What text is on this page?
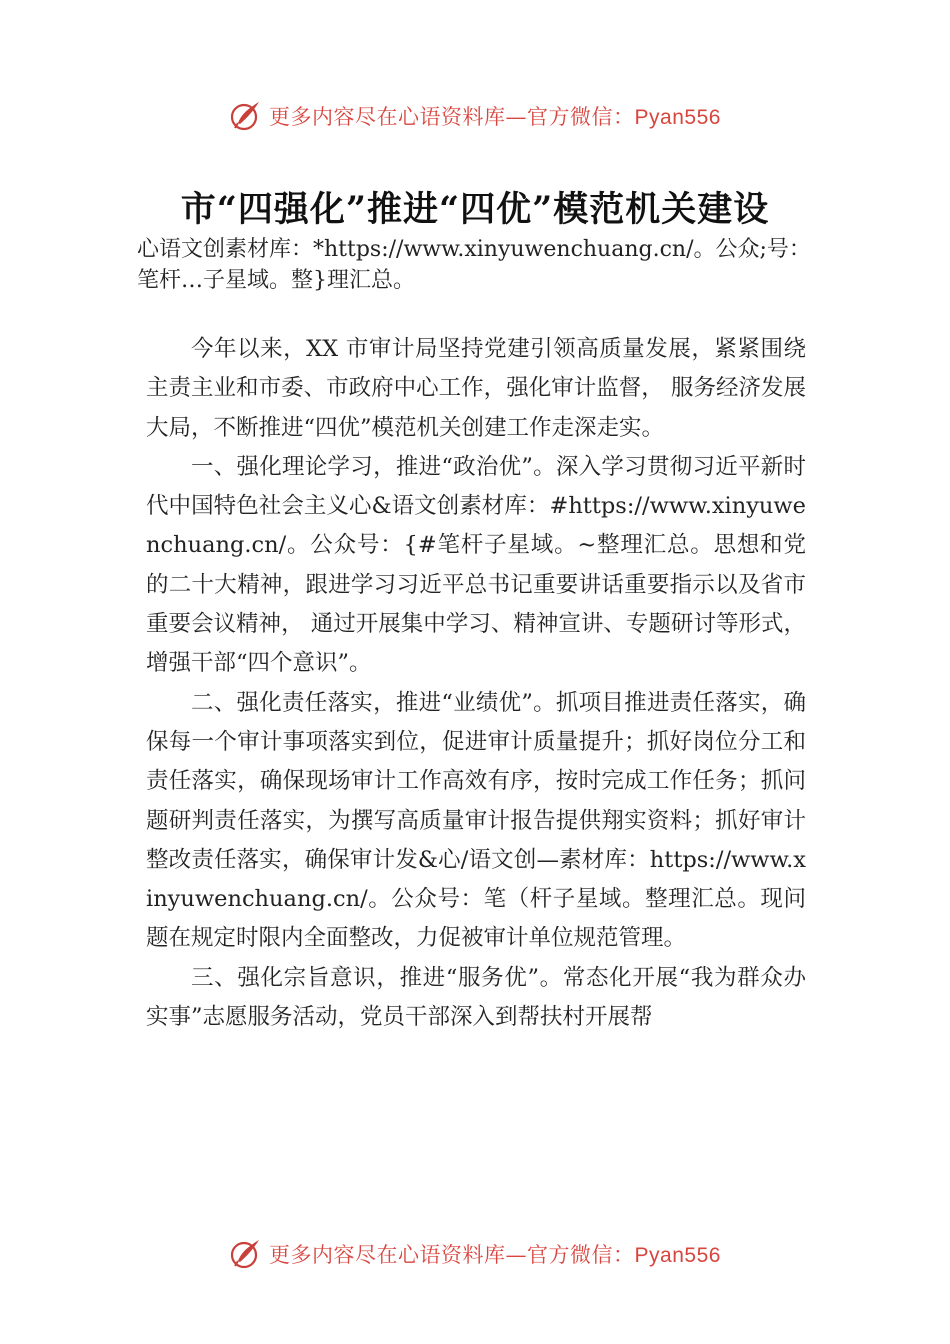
更多内容尽在心语资料库—官方微信：Pyan556
市“四强化”推进“四优”模范机关建设

心语文创素材库：*https://www.xinyuwenchuang.cn/。公众;号：笔杆…子星域。整}理汇总。

今年以来，XX 市审计局坚持党建引领高质量发展，紧紧围绕主责主业和市委、市政府中心工作，强化审计监督， 服务经济发展大局，不断推进“四优”模范机关创建工作走深走实。

一、强化理论学习，推进“政治优”。深入学习贯彻习近平新时代中国特色社会主义心&语文创素材库：#https://www.xinyuwenchuang.cn/。公众号：{#笔杆子星域。~整理汇总。思想和党的二十大精神，跟进学习习近平总书记重要讲话重要指示以及省市重要会议精神， 通过开展集中学习、精神宣讲、专题研讨等形式，增强干部“四个意识”。

二、强化责任落实，推进“业绩优”。抓项目推进责任落实，确保每一个审计事项落实到位，促进审计质量提升；抓好岗位分工和责任落实，确保现场审计工作高效有序，按时完成工作任务；抓问题研判责任落实，为撰写高质量审计报告提供翔实资料；抓好审计整改责任落实，确保审计发&心/语文创—素材库：https://www.xinyuwenchuang.cn/。公众号：笔（杆子星域。整理汇总。现问题在规定时限内全面整改，力促被审计单位规范管理。

三、强化宗旨意识，推进“服务优”。常态化开展“我为群众办实事”志愿服务活动，党员干部深入到帮扶村开展帮

更多内容尽在心语资料库—官方微信：Pyan556
